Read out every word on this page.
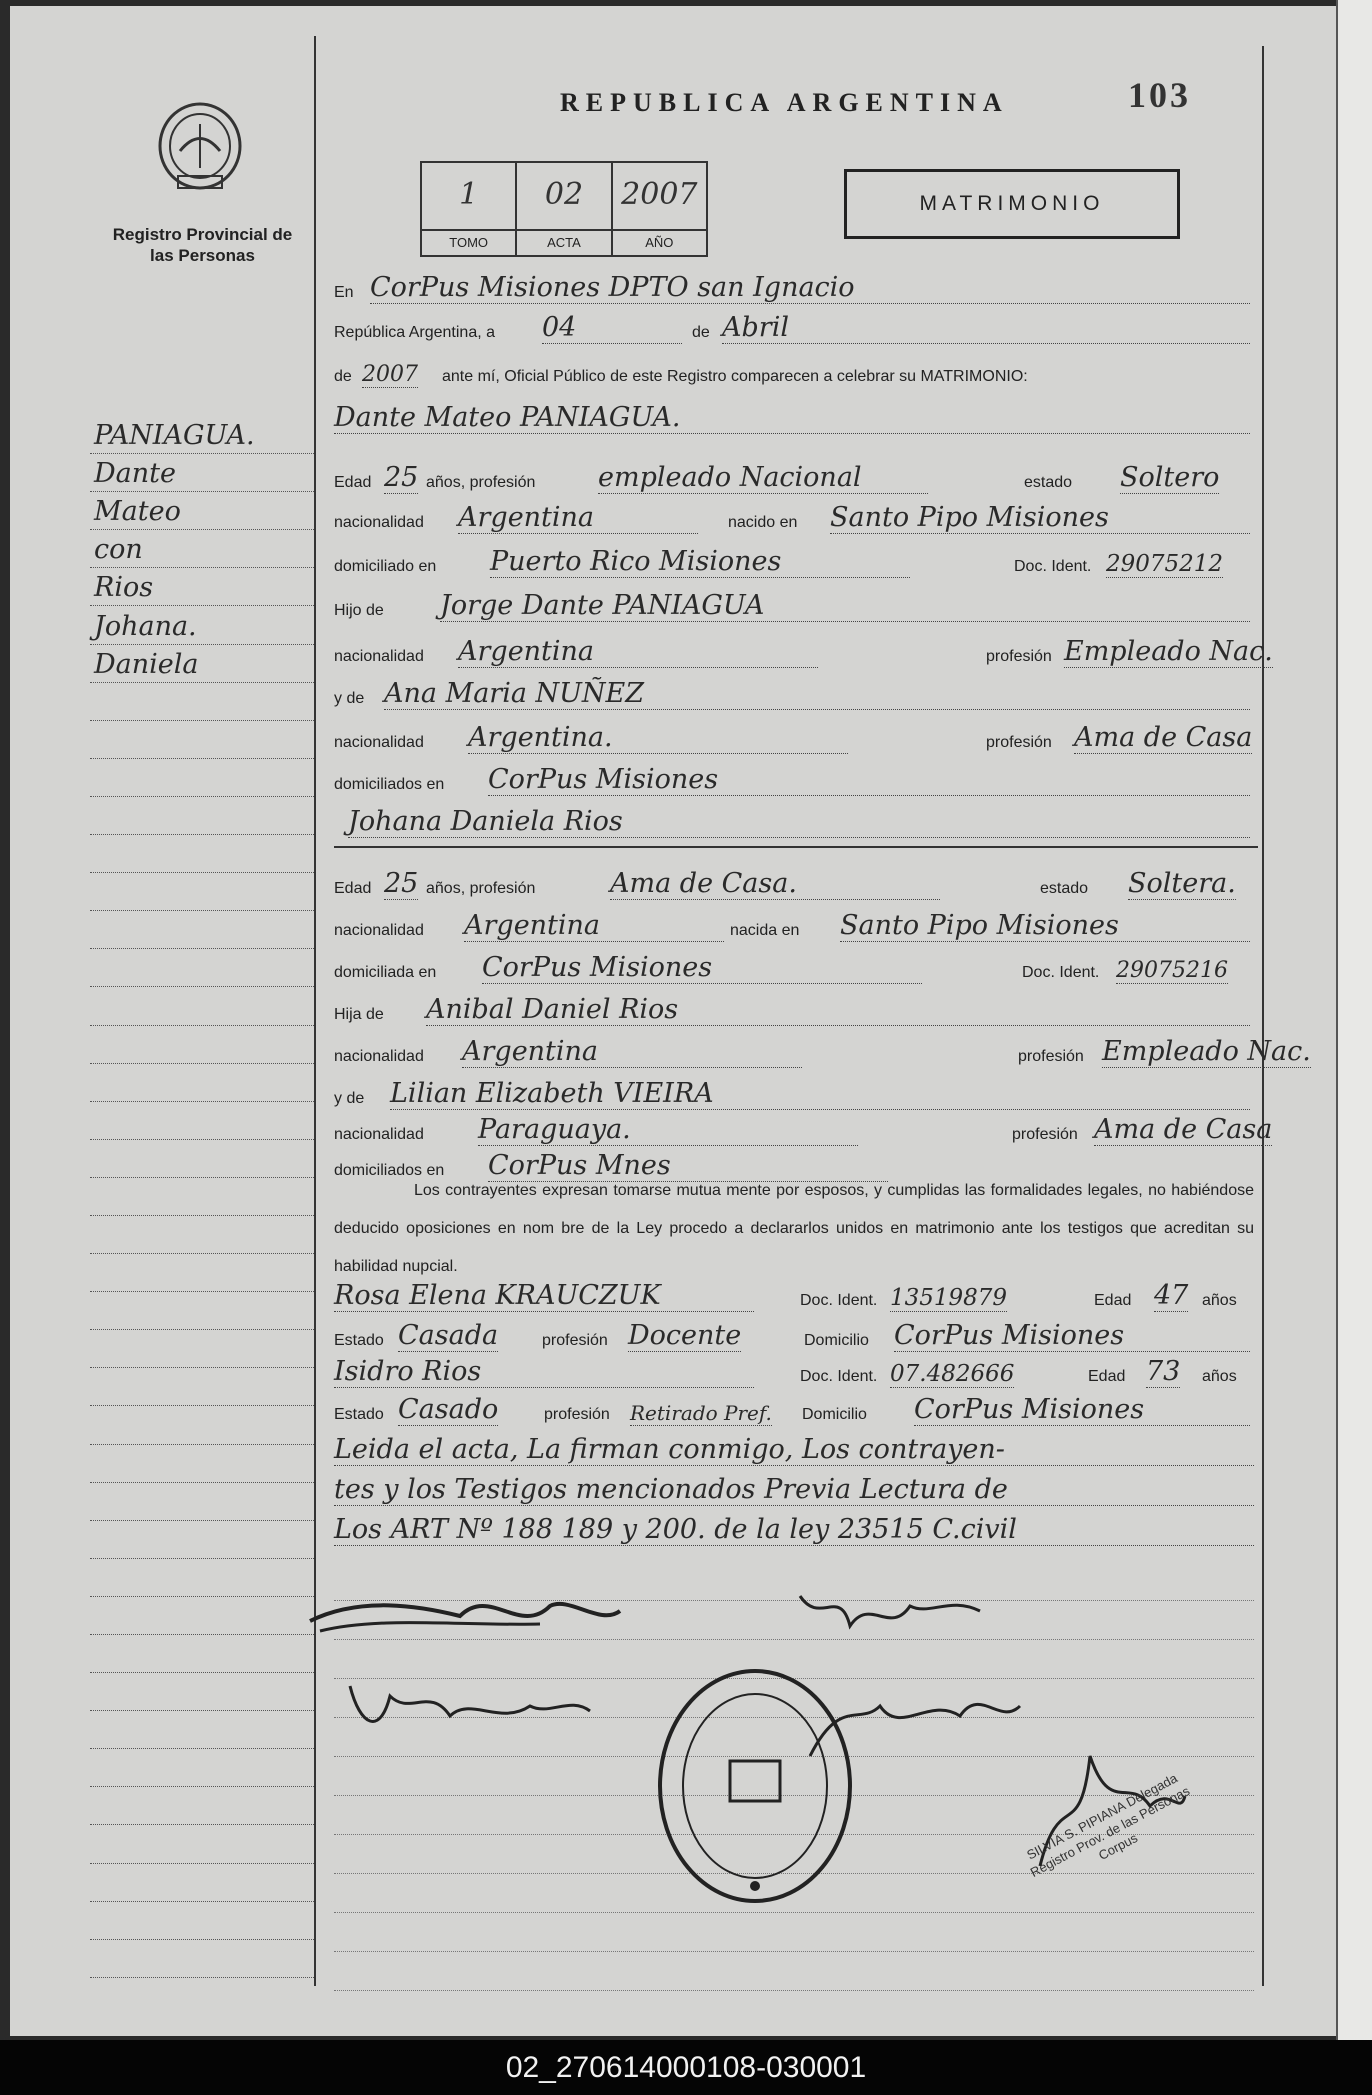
Registro Provincial de las Personas
REPUBLICA ARGENTINA	103
1
TOMO
02
ACTA
2007
AÑO
MATRIMONIO
PANIAGUA.
Dante
Mateo
con
Rios
Johana.
Daniela
En CorPus Misiones DPTO san Ignacio
República Argentina, a 04	de Abril
de 2007 ante mí, Oficial Público de este Registro comparecen a celebrar su MATRIMONIO:
Dante Mateo PANIAGUA.
Edad 25 años, profesión empleado Nacional	estado Soltero
nacionalidad Argentina	nacido en Santo Pipo Misiones
domiciliado en Puerto Rico Misiones	Doc. Ident. 29075212
Hijo de Jorge Dante PANIAGUA
nacionalidad Argentina	profesión Empleado Nac.
y de Ana Maria NUÑEZ
nacionalidad Argentina.	profesión Ama de Casa
domiciliados en CorPus Misiones
Johana Daniela Rios
Edad 25 años, profesión	Ama de Casa.	estado Soltera.
nacionalidad Argentina	nacida en Santo Pipo Misiones
domiciliada en CorPus Misiones	Doc. Ident. 29075216
Hija de Anibal Daniel Rios
nacionalidad Argentina	profesión Empleado Nac.
y de Lilian Elizabeth VIEIRA
nacionalidad Paraguaya.	profesión Ama de Casa
domiciliados en CorPus Mnes
Los contrayentes expresan tomarse mutua mente por esposos, y cumplidas las formalidades legales, no habiéndose deducido oposiciones en nom bre de la Ley procedo a declararlos unidos en matrimonio ante los testigos que acreditan su habilidad nupcial.
Rosa Elena KRAUCZUK	Doc. Ident. 13519879	Edad 47 años
Estado Casada	profesión Docente	Domicilio CorPus Misiones
Isidro Rios	Doc. Ident. 07.482666	Edad 73 años
Estado Casado	profesión Retirado Pref. Domicilio CorPus Misiones
Leida el acta, La firman conmigo, Los contrayen-
tes y los Testigos mencionados Previa Lectura de
Los ART Nº 188 189 y 200. de la ley 23515 C.civil
SILVIA S. PIPIANA Delegada Registro Prov. de las Personas Corpus
02_270614000108-030001
